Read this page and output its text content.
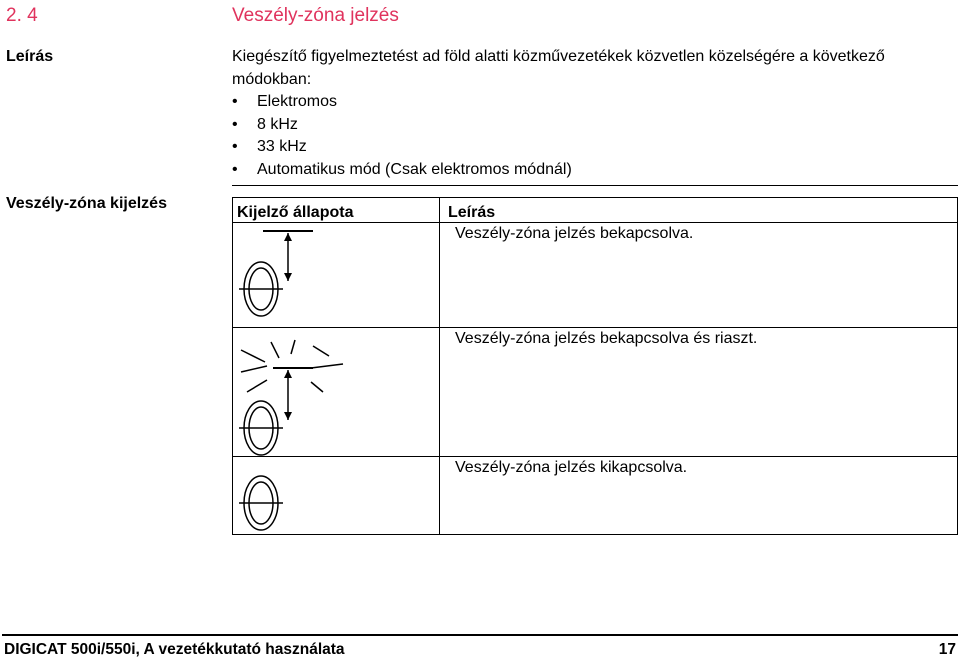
2. 4	Veszély-zóna jelzés
Leírás	Kiegészítő figyelmeztetést ad föld alatti közművezetékek közvetlen közelségére a következő módokban:
• Elektromos
• 8 kHz
• 33 kHz
• Automatikus mód (Csak elektromos módnál)
Veszély-zóna kijelzés
Kijelző állapota	Leírás

Veszély-zóna jelzés bekapcsolva.

Veszély-zóna jelzés bekapcsolva és riaszt.

Veszély-zóna jelzés kikapcsolva.
DIGICAT 500i/550i, A vezetékkutató használata	17
